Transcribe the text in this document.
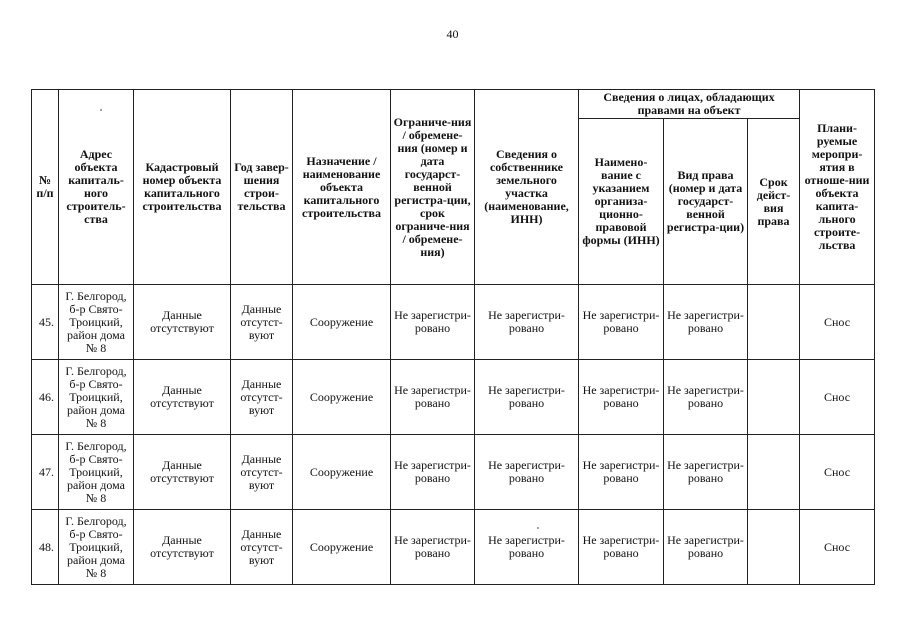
40
№ п/п	Адрес объекта капиталь-ного строитель-ства	Кадастровый номер объекта капитального строительства	Год завер-шения строи-тельства	Назначение / наименование объекта капитального строительства	Ограниче-ния / обремене-ния (номер и дата государст-венной регистра-ции, срок ограниче-ния / обремене-ния)	Сведения о собственнике земельного участка (наименование, ИНН)	Сведения о лицах, обладающих правами на объект			Плани-руемые меропри-ятия в отноше-нии объекта капита-льного строите-льства
							Наимено-вание с указанием организа-ционно-правовой формы (ИНН)	Вид права (номер и дата государст-венной регистра-ции)	Срок дейст-вия права	
45.	Г. Белгород, б-р Свято-Троицкий, район дома № 8	Данные отсутствуют	Данные отсутст-вуют	Сооружение	Не зарегистри-ровано	Не зарегистри-ровано	Не зарегистри-ровано	Не зарегистри-ровано		Снос
46.	Г. Белгород, б-р Свято-Троицкий, район дома № 8	Данные отсутствуют	Данные отсутст-вуют	Сооружение	Не зарегистри-ровано	Не зарегистри-ровано	Не зарегистри-ровано	Не зарегистри-ровано		Снос
47.	Г. Белгород, б-р Свято-Троицкий, район дома № 8	Данные отсутствуют	Данные отсутст-вуют	Сооружение	Не зарегистри-ровано	Не зарегистри-ровано	Не зарегистри-ровано	Не зарегистри-ровано		Снос
48.	Г. Белгород, б-р Свято-Троицкий, район дома № 8	Данные отсутствуют	Данные отсутст-вуют	Сооружение	Не зарегистри-ровано	Не зарегистри-ровано	Не зарегистри-ровано	Не зарегистри-ровано		Снос
